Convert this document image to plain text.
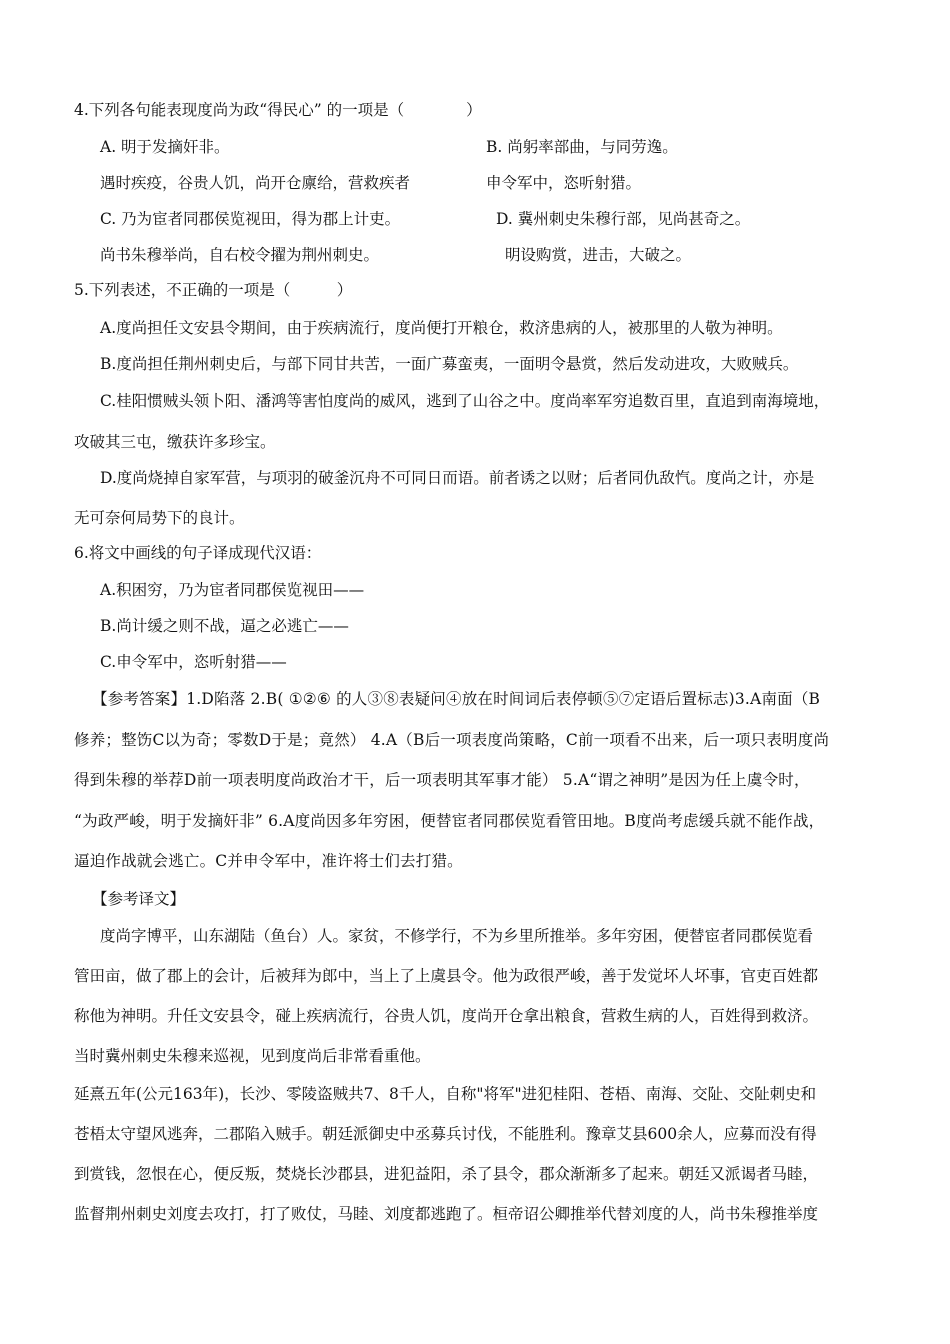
4.下列各句能表现度尚为政“得民心” 的一项是（　　　　）
A. 明于发摘奸非。	B. 尚躬率部曲，与同劳逸。
遇时疾疫，谷贵人饥，尚开仓廪给，营救疾者	申令军中，恣听射猎。
C. 乃为宦者同郡侯览视田，得为郡上计吏。	D. 冀州刺史朱穆行部，见尚甚奇之。
尚书朱穆举尚，自右校令擢为荆州刺史。	明设购赏，进击，大破之。
5.下列表述，不正确的一项是（　　　）
A.度尚担任文安县令期间，由于疾病流行，度尚便打开粮仓，救济患病的人，被那里的人敬为神明。
B.度尚担任荆州刺史后，与部下同甘共苦，一面广募蛮夷，一面明令悬赏，然后发动进攻，大败贼兵。
C.桂阳惯贼头领卜阳、潘鸿等害怕度尚的威风，逃到了山谷之中。度尚率军穷追数百里，直追到南海境地，
攻破其三屯，缴获许多珍宝。
D.度尚烧掉自家军营，与项羽的破釜沉舟不可同日而语。前者诱之以财；后者同仇敌忾。度尚之计，亦是
无可奈何局势下的良计。
6.将文中画线的句子译成现代汉语：
A.积困穷，乃为宦者同郡侯览视田——
B.尚计缓之则不战，逼之必逃亡——
C.申令军中，恣听射猎——
【参考答案】1.D陷落 2.B( ①②⑥ 的人③⑧表疑问④放在时间词后表停顿⑤⑦定语后置标志)3.A南面（B
修养；整饬C以为奇；零数D于是；竟然） 4.A（B后一项表度尚策略，C前一项看不出来，后一项只表明度尚
得到朱穆的举荐D前一项表明度尚政治才干，后一项表明其军事才能） 5.A“谓之神明”是因为任上虞令时，
“为政严峻，明于发摘奸非” 6.A度尚因多年穷困，便替宦者同郡侯览看管田地。B度尚考虑缓兵就不能作战，
逼迫作战就会逃亡。C并申令军中，准许将士们去打猎。
【参考译文】
度尚字博平，山东湖陆（鱼台）人。家贫，不修学行，不为乡里所推举。多年穷困，便替宦者同郡侯览看
管田亩，做了郡上的会计，后被拜为郎中，当上了上虞县令。他为政很严峻，善于发觉坏人坏事，官吏百姓都
称他为神明。升任文安县令，碰上疾病流行，谷贵人饥，度尚开仓拿出粮食，营救生病的人，百姓得到救济。
当时冀州刺史朱穆来巡视，见到度尚后非常看重他。
延熹五年(公元163年)，长沙、零陵盗贼共7、8千人，自称"将军"进犯桂阳、苍梧、南海、交阯、交阯刺史和
苍梧太守望风逃奔，二郡陷入贼手。朝廷派御史中丞募兵讨伐，不能胜利。豫章艾县600余人，应募而没有得
到赏钱，忽恨在心，便反叛，焚烧长沙郡县，进犯益阳，杀了县令，郡众渐渐多了起来。朝廷又派谒者马睦，
监督荆州刺史刘度去攻打，打了败仗，马睦、刘度都逃跑了。桓帝诏公卿推举代替刘度的人，尚书朱穆推举度
